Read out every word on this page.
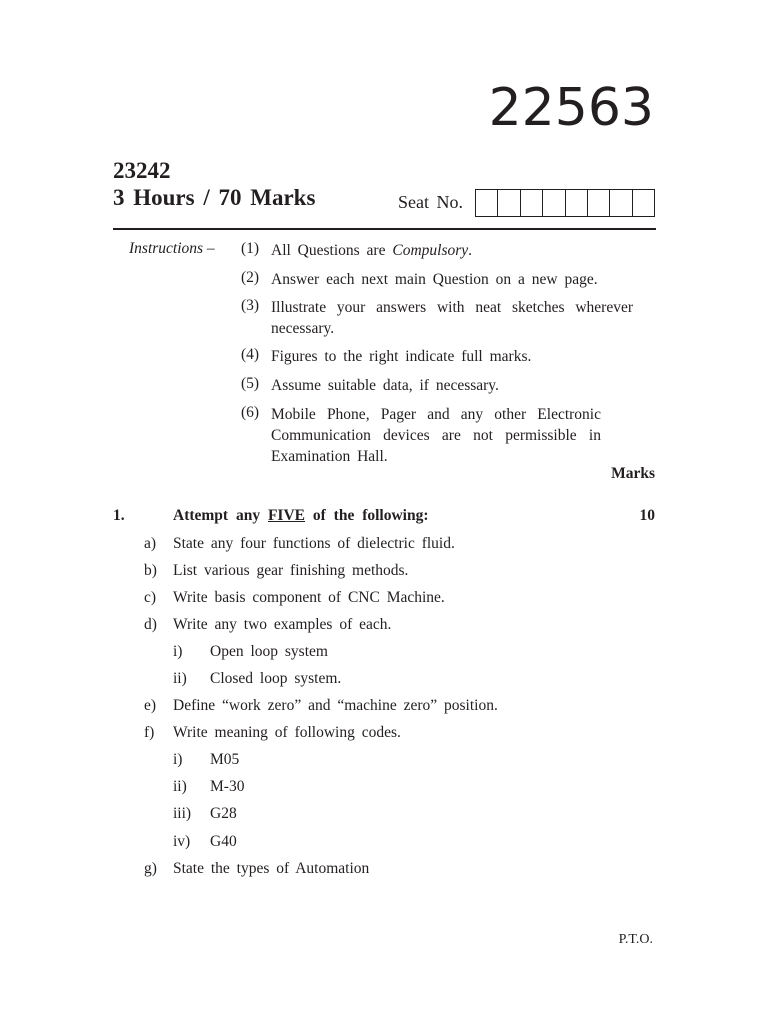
22563
23242
3 Hours / 70 Marks	Seat No.
Instructions – (1) All Questions are Compulsory.
(2) Answer each next main Question on a new page.
(3) Illustrate your answers with neat sketches wherever necessary.
(4) Figures to the right indicate full marks.
(5) Assume suitable data, if necessary.
(6) Mobile Phone, Pager and any other Electronic Communication devices are not permissible in Examination Hall.
Marks
1.	Attempt any FIVE of the following:	10
a) State any four functions of dielectric fluid.
b) List various gear finishing methods.
c) Write basis component of CNC Machine.
d) Write any two examples of each.
i) Open loop system
ii) Closed loop system.
e) Define “work zero” and “machine zero” position.
f) Write meaning of following codes.
i) M05
ii) M-30
iii) G28
iv) G40
g) State the types of Automation
P.T.O.
